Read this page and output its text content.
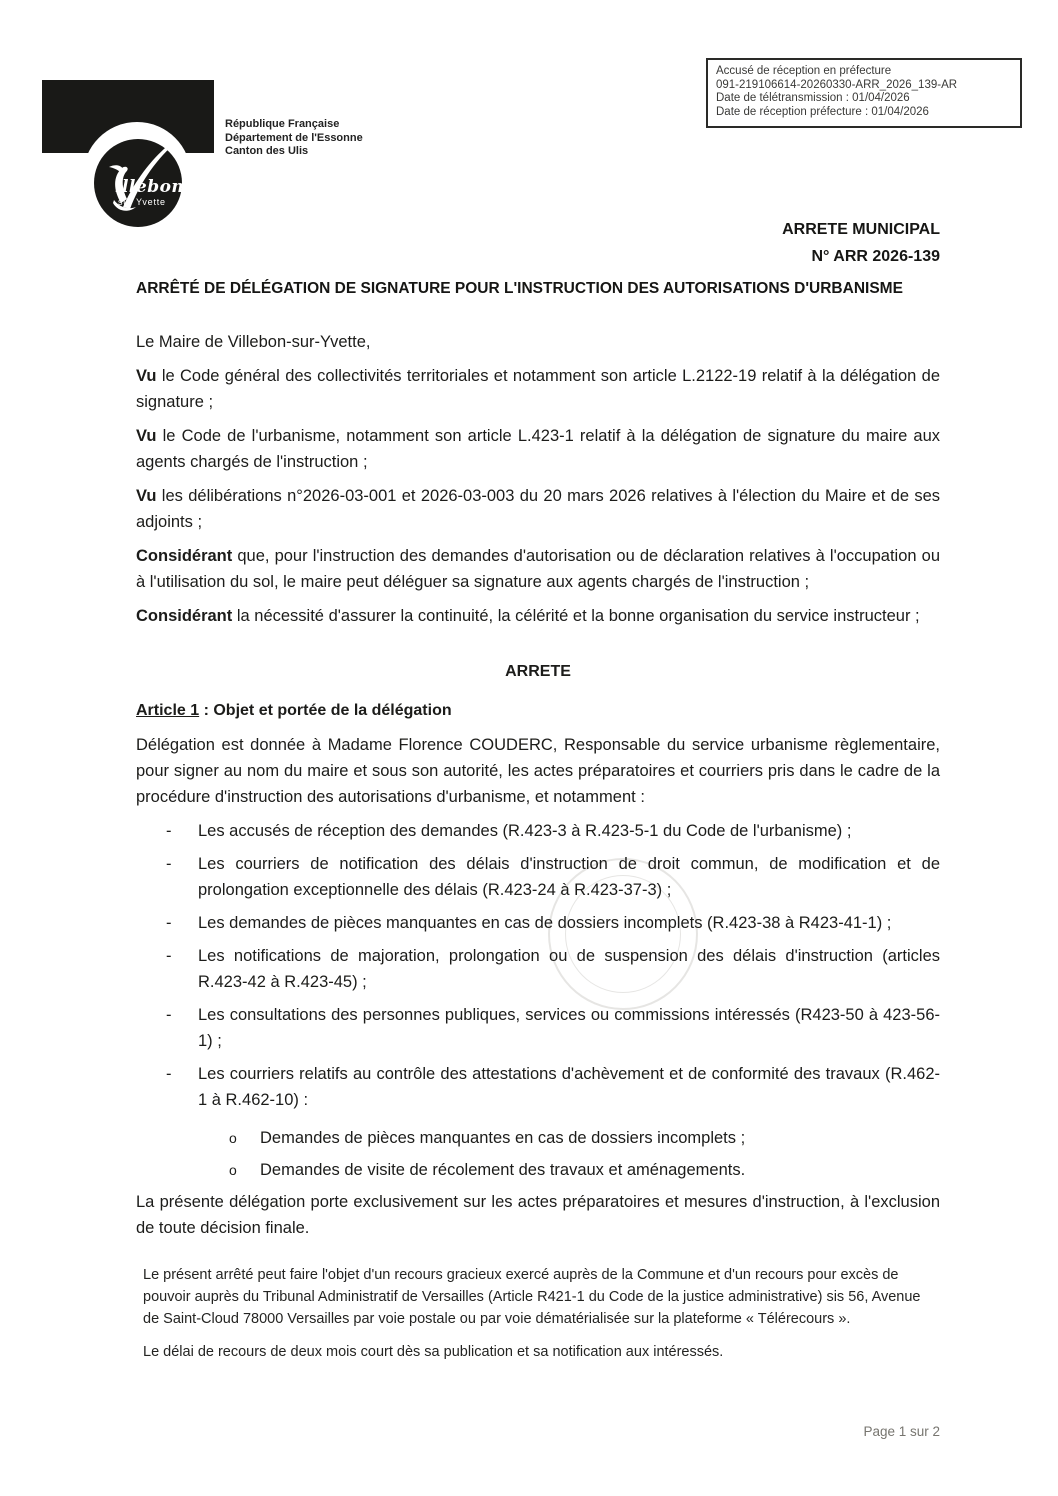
Accusé de réception en préfecture
091-219106614-20260330-ARR_2026_139-AR
Date de télétransmission : 01/04/2026
Date de réception préfecture : 01/04/2026
illebon
sur Yvette
République Française
Département de l'Essonne
Canton des Ulis
ARRETE MUNICIPAL
N° ARR 2026-139
ARRÊTÉ DE DÉLÉGATION DE SIGNATURE POUR L'INSTRUCTION DES AUTORISATIONS D'URBANISME

Le Maire de Villebon-sur-Yvette,

Vu le Code général des collectivités territoriales et notamment son article L.2122-19 relatif à la délégation de signature ;

Vu le Code de l'urbanisme, notamment son article L.423-1 relatif à la délégation de signature du maire aux agents chargés de l'instruction ;

Vu les délibérations n°2026-03-001 et 2026-03-003 du 20 mars 2026 relatives à l'élection du Maire et de ses adjoints ;

Considérant que, pour l'instruction des demandes d'autorisation ou de déclaration relatives à l'occupation ou à l'utilisation du sol, le maire peut déléguer sa signature aux agents chargés de l'instruction ;

Considérant la nécessité d'assurer la continuité, la célérité et la bonne organisation du service instructeur ;

ARRETE
Article 1 : Objet et portée de la délégation

Délégation est donnée à Madame Florence COUDERC, Responsable du service urbanisme règlementaire, pour signer au nom du maire et sous son autorité, les actes préparatoires et courriers pris dans le cadre de la procédure d'instruction des autorisations d'urbanisme, et notamment :

-	Les accusés de réception des demandes (R.423-3 à R.423-5-1 du Code de l'urbanisme) ;
-	Les courriers de notification des délais d'instruction de droit commun, de modification et de prolongation exceptionnelle des délais (R.423-24 à R.423-37-3) ;
-	Les demandes de pièces manquantes en cas de dossiers incomplets (R.423-38 à R423-41-1) ;
-	Les notifications de majoration, prolongation ou de suspension des délais d'instruction (articles R.423-42 à R.423-45) ;
-	Les consultations des personnes publiques, services ou commissions intéressés (R423-50 à 423-56-1) ;
-	Les courriers relatifs au contrôle des attestations d'achèvement et de conformité des travaux (R.462-1 à R.462-10) :
o	Demandes de pièces manquantes en cas de dossiers incomplets ;
o	Demandes de visite de récolement des travaux et aménagements.

La présente délégation porte exclusivement sur les actes préparatoires et mesures d'instruction, à l'exclusion de toute décision finale.

Le présent arrêté peut faire l'objet d'un recours gracieux exercé auprès de la Commune et d'un recours pour excès de pouvoir auprès du Tribunal Administratif de Versailles (Article R421-1 du Code de la justice administrative) sis 56, Avenue de Saint-Cloud 78000 Versailles par voie postale ou par voie dématérialisée sur la plateforme « Télérecours ».

Le délai de recours de deux mois court dès sa publication et sa notification aux intéressés.

Page 1 sur 2
